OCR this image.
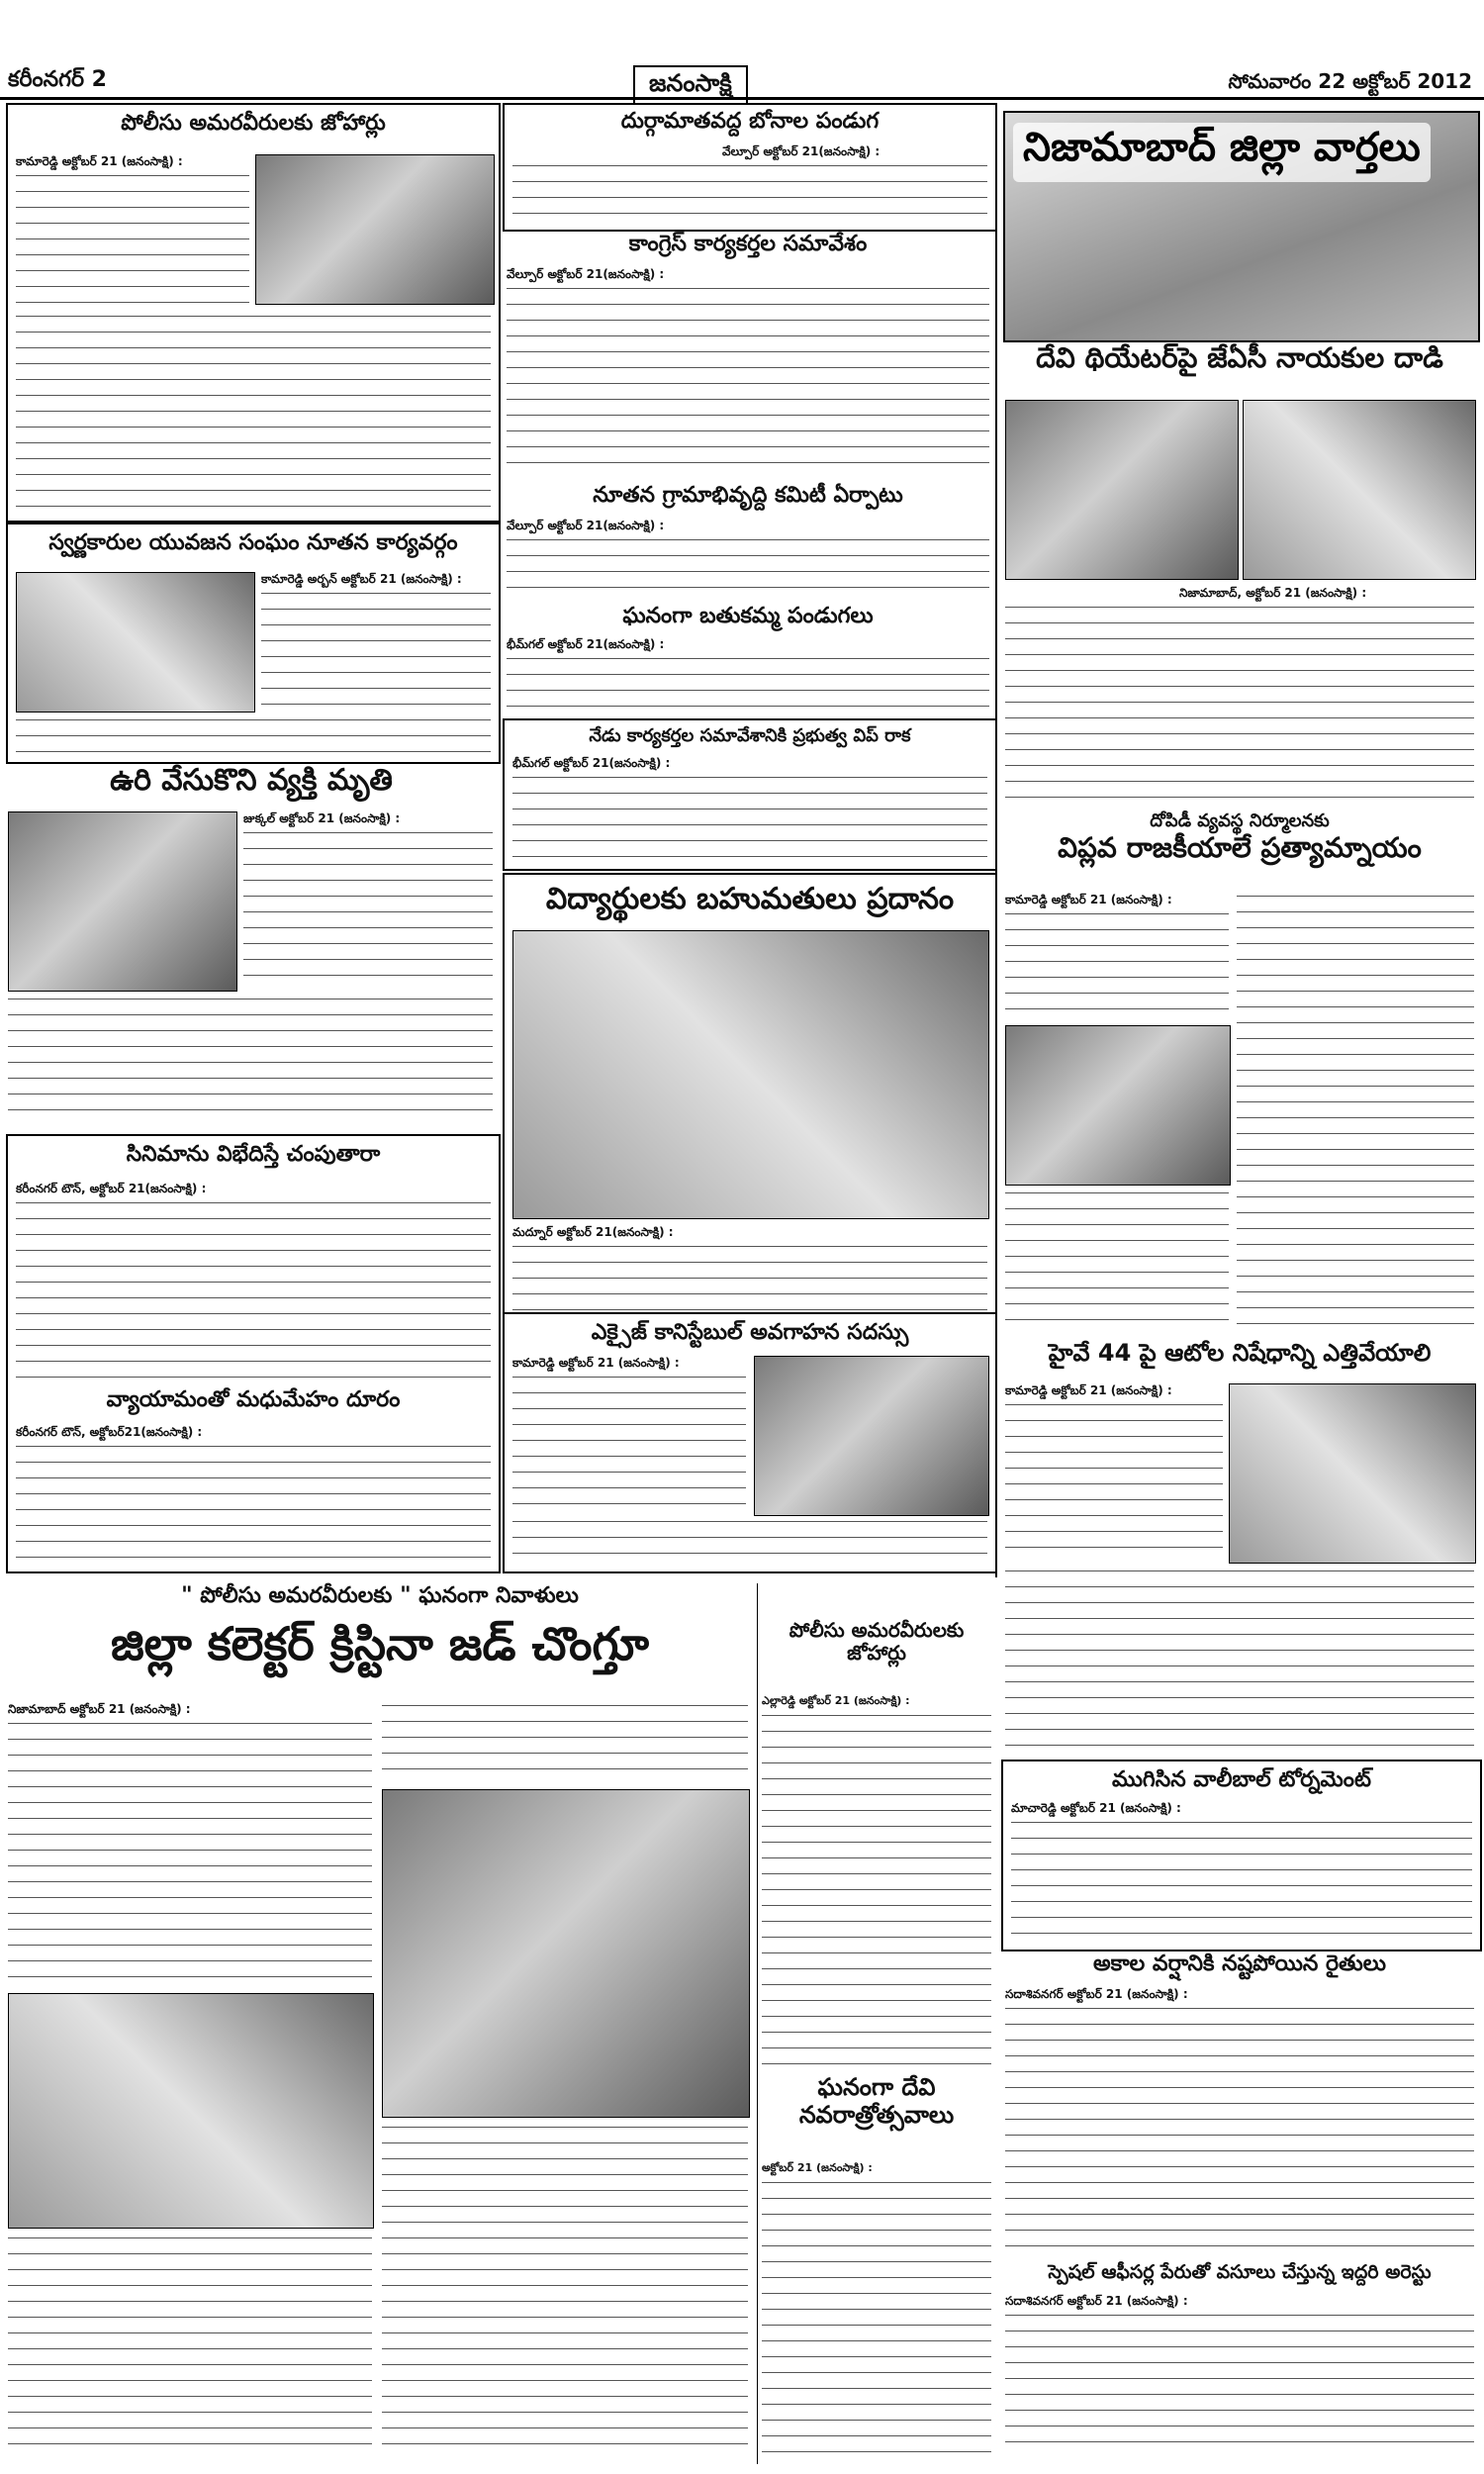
కరీంనగర్ 2	జనంసాక్షి	సోమవారం 22 అక్టోబర్ 2012
పోలీసు అమరవీరులకు జోహార్లు
కామారెడ్డి అక్టోబర్ 21 (జనంసాక్షి) :
స్వర్ణకారుల యువజన సంఘం నూతన కార్యవర్గం
కామారెడ్డి అర్బన్ అక్టోబర్ 21 (జనంసాక్షి) :
ఉరి వేసుకొని వ్యక్తి మృతి
జుక్కల్ అక్టోబర్ 21 (జనంసాక్షి) :
సినిమాను విభేదిస్తే చంపుతారా
కరీంనగర్ టౌన్, అక్టోబర్ 21(జనంసాక్షి) :
వ్యాయామంతో మధుమేహం దూరం
కరీంనగర్ టౌన్, అక్టోబర్21(జనంసాక్షి) :
దుర్గామాతవద్ద బోనాల పండుగ
వేల్పూర్ అక్టోబర్ 21(జనంసాక్షి) :
కాంగ్రెస్ కార్యకర్తల సమావేశం
వేల్పూర్ అక్టోబర్ 21(జనంసాక్షి) :
నూతన గ్రామాభివృద్ది కమిటీ ఏర్పాటు
వేల్పూర్ అక్టోబర్ 21(జనంసాక్షి) :
ఘనంగా బతుకమ్మ పండుగలు
భీమ్‌గల్ అక్టోబర్ 21(జనంసాక్షి) :
నేడు కార్యకర్తల సమావేశానికి ప్రభుత్వ విప్ రాక
భీమ్‌గల్ అక్టోబర్ 21(జనంసాక్షి) :
విద్యార్థులకు బహుమతులు ప్రదానం
మద్నూర్ అక్టోబర్ 21(జనంసాక్షి) :
ఎక్సైజ్ కానిస్టేబుల్ అవగాహన సదస్సు
కామారెడ్డి అక్టోబర్ 21 (జనంసాక్షి) :
నిజామాబాద్ జిల్లా వార్తలు
దేవి థియేటర్‌పై జేఏసీ నాయకుల దాడి
నిజామాబాద్, అక్టోబర్ 21 (జనంసాక్షి) :
దోపిడీ వ్యవస్థ నిర్మూలనకు
విప్లవ రాజకీయాలే ప్రత్యామ్నాయం
కామారెడ్డి అక్టోబర్ 21 (జనంసాక్షి) :
హైవే 44 పై ఆటోల నిషేధాన్ని ఎత్తివేయాలి
కామారెడ్డి అక్టోబర్ 21 (జనంసాక్షి) :
ముగిసిన వాలీబాల్ టోర్నమెంట్
మాచారెడ్డి అక్టోబర్ 21 (జనంసాక్షి) :
అకాల వర్షానికి నష్టపోయిన రైతులు
సదాశివనగర్ అక్టోబర్ 21 (జనంసాక్షి) :
స్పెషల్ ఆఫీసర్ల పేరుతో వసూలు చేస్తున్న ఇద్దరి అరెస్టు
సదాశివనగర్ అక్టోబర్ 21 (జనంసాక్షి) :
" పోలీసు అమరవీరులకు " ఘనంగా నివాళులు
జిల్లా కలెక్టర్ క్రిస్టినా జడ్ చొంగ్తూ
నిజామాబాద్ అక్టోబర్ 21 (జనంసాక్షి) :
పోలీసు అమరవీరులకు జోహార్లు
ఎల్లారెడ్డి అక్టోబర్ 21 (జనంసాక్షి) :
ఘనంగా దేవి నవరాత్రోత్సవాలు
అక్టోబర్ 21 (జనంసాక్షి) :
